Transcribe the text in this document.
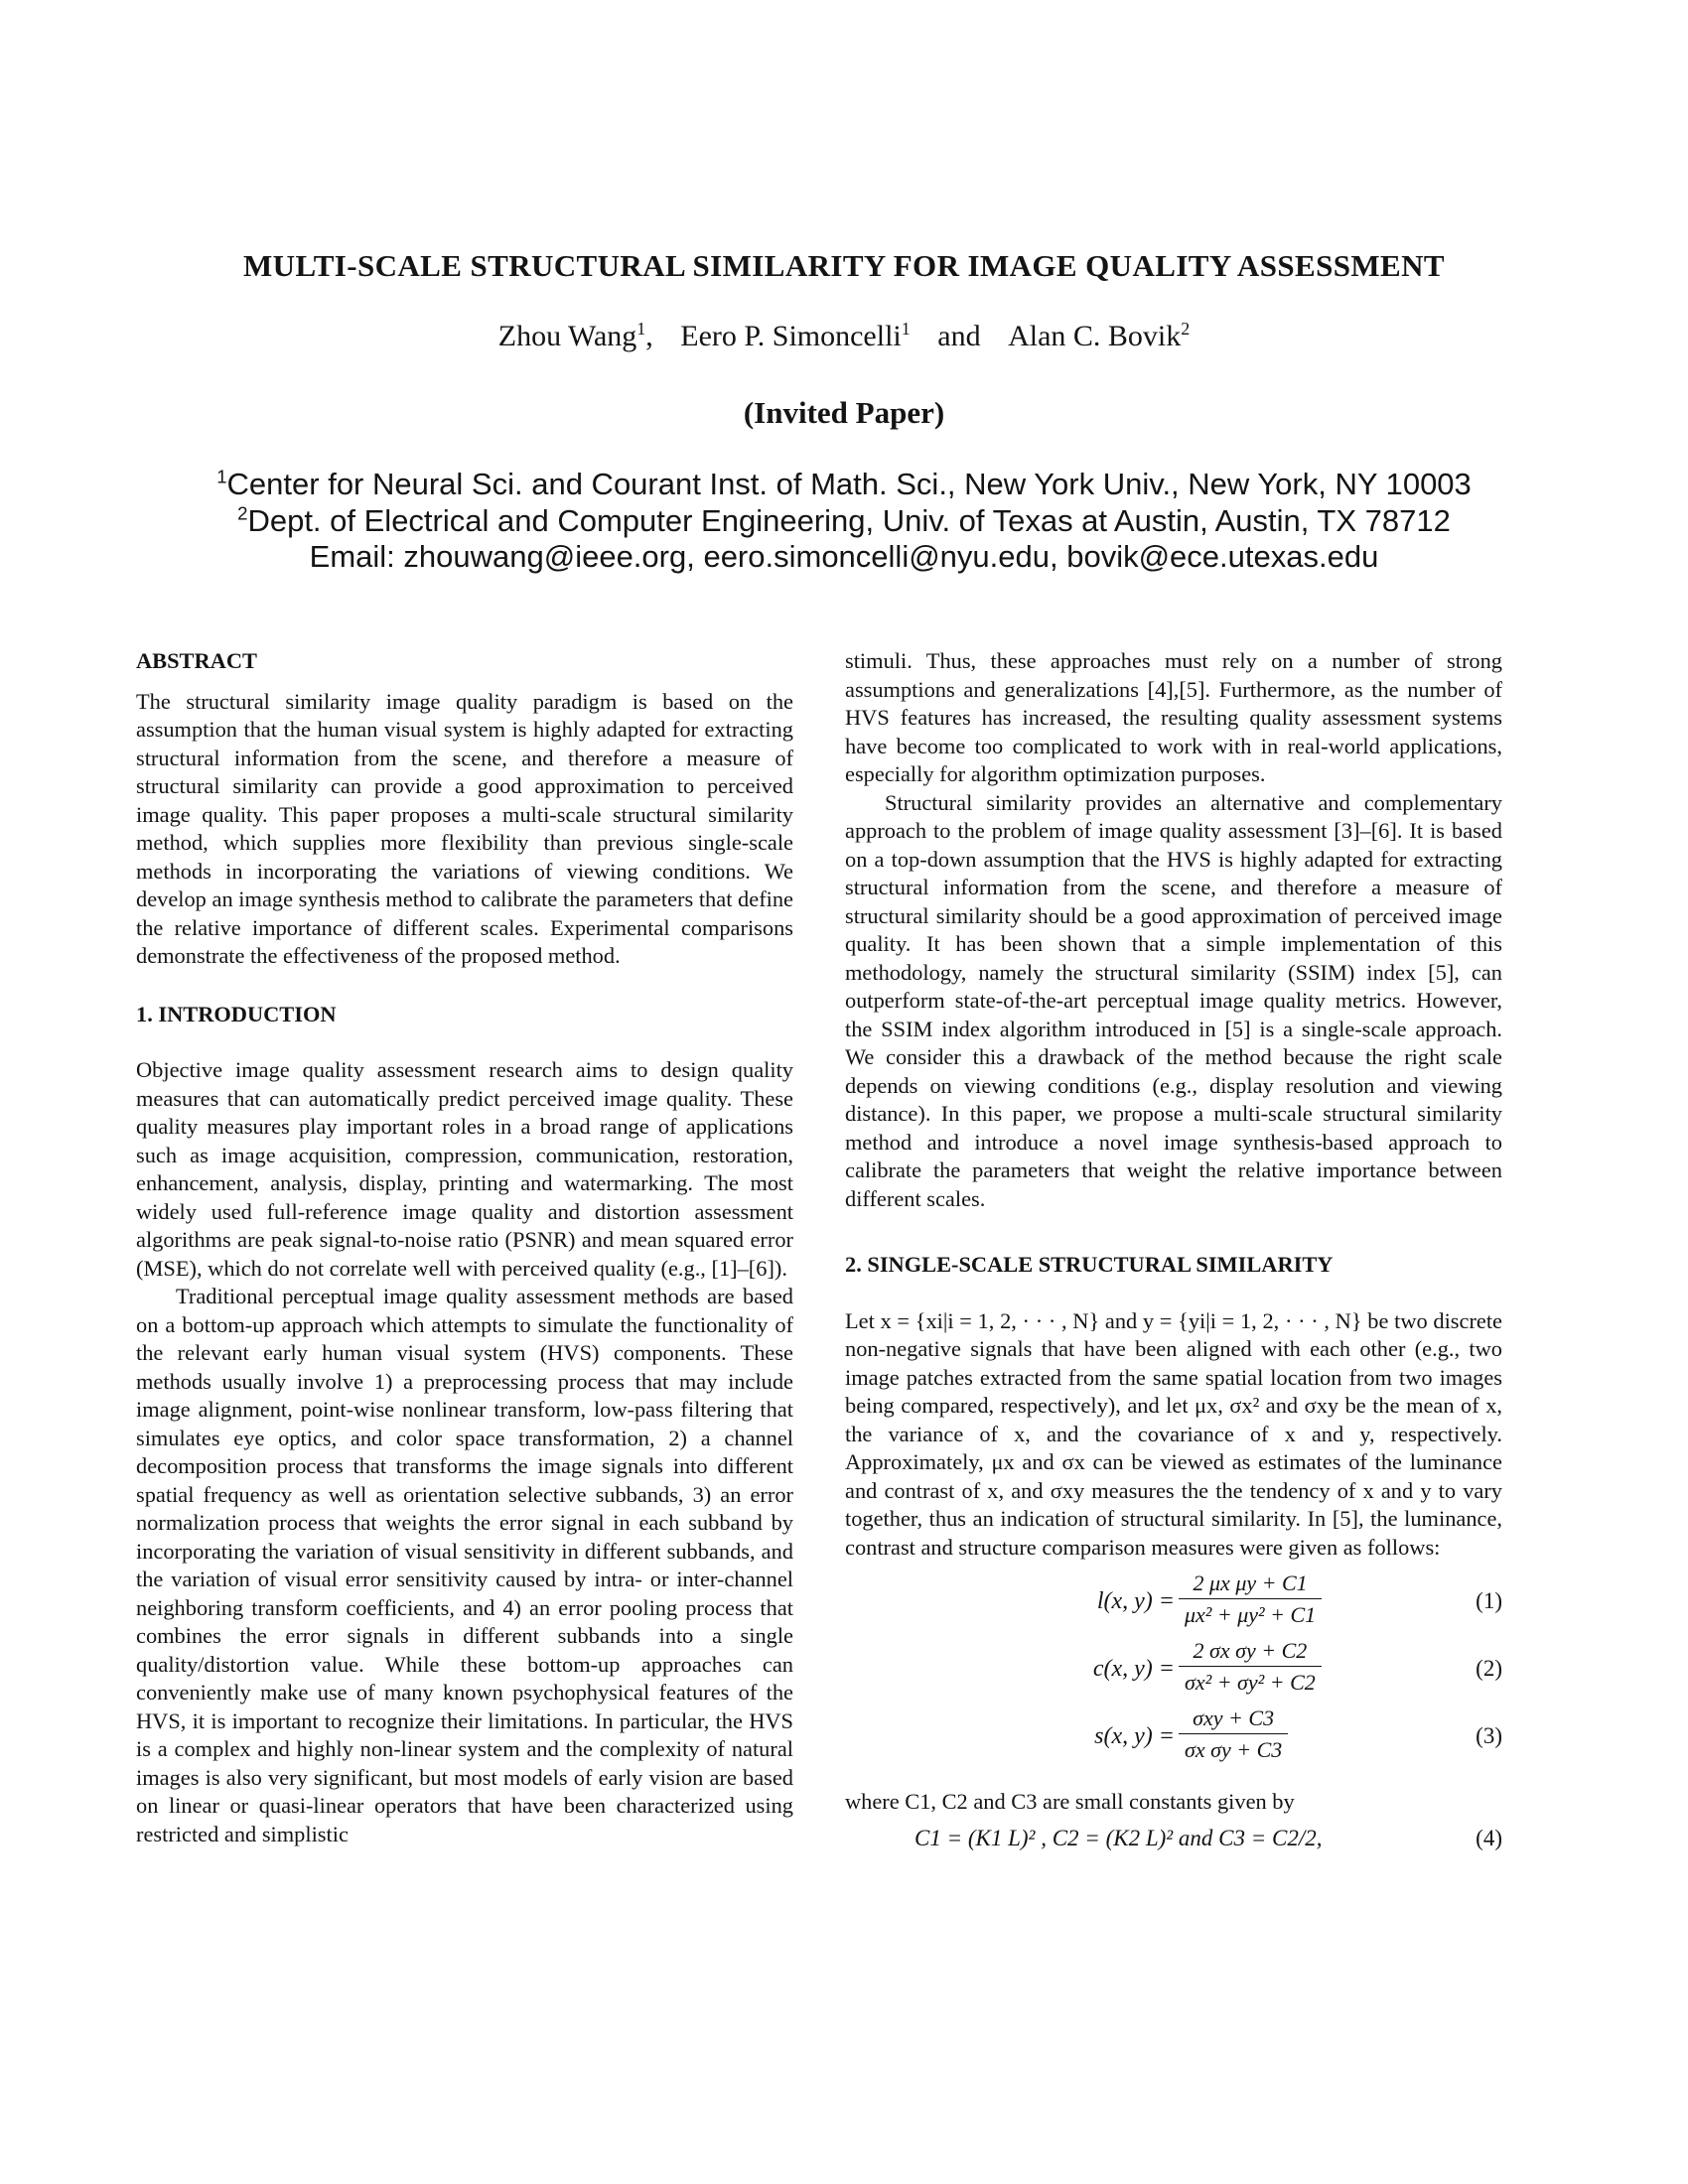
MULTI-SCALE STRUCTURAL SIMILARITY FOR IMAGE QUALITY ASSESSMENT
Zhou Wang$^1$, Eero P. Simoncelli$^1$ and Alan C. Bovik$^2$
(Invited Paper)
$^1$Center for Neural Sci. and Courant Inst. of Math. Sci., New York Univ., New York, NY 10003
$^2$Dept. of Electrical and Computer Engineering, Univ. of Texas at Austin, Austin, TX 78712
Email: zhouwang@ieee.org, eero.simoncelli@nyu.edu, bovik@ece.utexas.edu

ABSTRACT

The structural similarity image quality paradigm is based on the assumption that the human visual system is highly adapted for extracting structural information from the scene, and therefore a measure of structural similarity can provide a good approximation to perceived image quality. This paper proposes a multi-scale structural similarity method, which supplies more flexibility than previous single-scale methods in incorporating the variations of viewing conditions. We develop an image synthesis method to calibrate the parameters that define the relative importance of different scales. Experimental comparisons demonstrate the effectiveness of the proposed method.

1. INTRODUCTION

Objective image quality assessment research aims to design quality measures that can automatically predict perceived image quality. These quality measures play important roles in a broad range of applications such as image acquisition, compression, communication, restoration, enhancement, analysis, display, printing and watermarking. The most widely used full-reference image quality and distortion assessment algorithms are peak signal-to-noise ratio (PSNR) and mean squared error (MSE), which do not correlate well with perceived quality (e.g., [1]–[6]).

Traditional perceptual image quality assessment methods are based on a bottom-up approach which attempts to simulate the functionality of the relevant early human visual system (HVS) components. These methods usually involve 1) a preprocessing process that may include image alignment, point-wise nonlinear transform, low-pass filtering that simulates eye optics, and color space transformation, 2) a channel decomposition process that transforms the image signals into different spatial frequency as well as orientation selective subbands, 3) an error normalization process that weights the error signal in each subband by incorporating the variation of visual sensitivity in different subbands, and the variation of visual error sensitivity caused by intra- or inter-channel neighboring transform coefficients, and 4) an error pooling process that combines the error signals in different subbands into a single quality/distortion value. While these bottom-up approaches can conveniently make use of many known psychophysical features of the HVS, it is important to recognize their limitations. In particular, the HVS is a complex and highly non-linear system and the complexity of natural images is also very significant, but most models of early vision are based on linear or quasi-linear operators that have been characterized using restricted and simplistic

stimuli. Thus, these approaches must rely on a number of strong assumptions and generalizations [4],[5]. Furthermore, as the number of HVS features has increased, the resulting quality assessment systems have become too complicated to work with in real-world applications, especially for algorithm optimization purposes.

Structural similarity provides an alternative and complementary approach to the problem of image quality assessment [3]–[6]. It is based on a top-down assumption that the HVS is highly adapted for extracting structural information from the scene, and therefore a measure of structural similarity should be a good approximation of perceived image quality. It has been shown that a simple implementation of this methodology, namely the structural similarity (SSIM) index [5], can outperform state-of-the-art perceptual image quality metrics. However, the SSIM index algorithm introduced in [5] is a single-scale approach. We consider this a drawback of the method because the right scale depends on viewing conditions (e.g., display resolution and viewing distance). In this paper, we propose a multi-scale structural similarity method and introduce a novel image synthesis-based approach to calibrate the parameters that weight the relative importance between different scales.

2. SINGLE-SCALE STRUCTURAL SIMILARITY

Let x = {xi|i = 1, 2, · · · , N} and y = {yi|i = 1, 2, · · · , N} be two discrete non-negative signals that have been aligned with each other (e.g., two image patches extracted from the same spatial location from two images being compared, respectively), and let μx, σx² and σxy be the mean of x, the variance of x, and the covariance of x and y, respectively. Approximately, μx and σx can be viewed as estimates of the luminance and contrast of x, and σxy measures the the tendency of x and y to vary together, thus an indication of structural similarity. In [5], the luminance, contrast and structure comparison measures were given as follows:

l(x, $y) = \frac{\text{2 μx μy + C1}}{\text{μx² + μy² + C1}}$	(1)
c(x, $y) = \frac{\text{2 σx σy + C2}}{\text{σx² + σy² + C2}}$	(2)
s(x, y) =
σxy + C3
σx σy + C3
(3)

where C1, C2 and C3 are small constants given by

C1 = (K1 L)² , C2 = (K2 L)² and C3 = C2/2,	(4)
